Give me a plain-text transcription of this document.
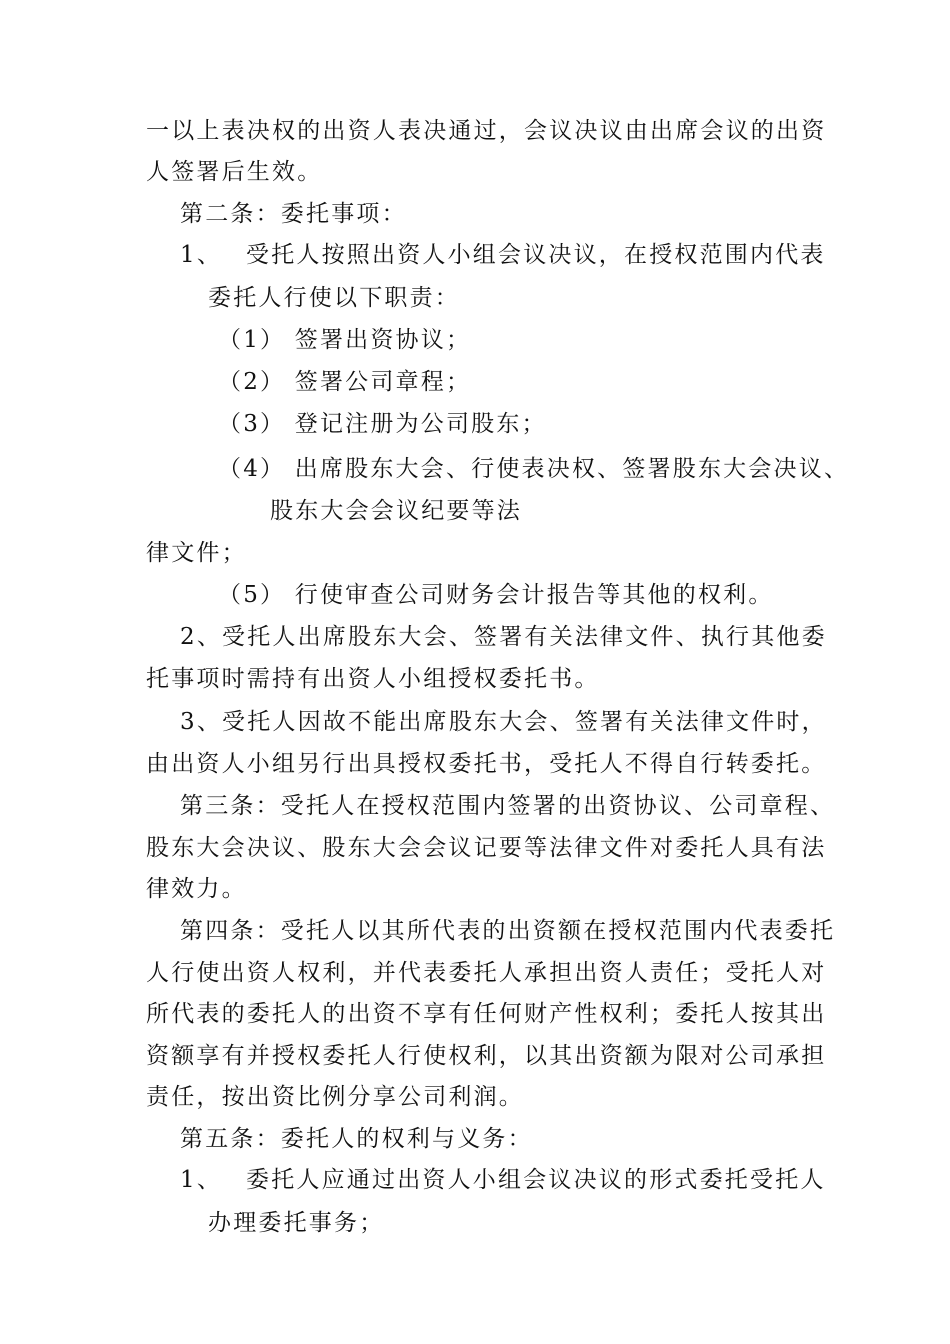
一以上表决权的出资人表决通过，会议决议由出席会议的出资
人签署后生效。
第二条：委托事项：
1、 受托人按照出资人小组会议决议，在授权范围内代表
委托人行使以下职责：
（1） 签署出资协议；
（2） 签署公司章程；
（3） 登记注册为公司股东；
（4） 出席股东大会、行使表决权、签署股东大会决议、
股东大会会议纪要等法
律文件；
（5） 行使审查公司财务会计报告等其他的权利。
2、受托人出席股东大会、签署有关法律文件、执行其他委
托事项时需持有出资人小组授权委托书。
3、受托人因故不能出席股东大会、签署有关法律文件时，
由出资人小组另行出具授权委托书，受托人不得自行转委托。
第三条：受托人在授权范围内签署的出资协议、公司章程、
股东大会决议、股东大会会议记要等法律文件对委托人具有法
律效力。
第四条：受托人以其所代表的出资额在授权范围内代表委托
人行使出资人权利，并代表委托人承担出资人责任；受托人对
所代表的委托人的出资不享有任何财产性权利；委托人按其出
资额享有并授权委托人行使权利，以其出资额为限对公司承担
责任，按出资比例分享公司利润。
第五条：委托人的权利与义务：
1、 委托人应通过出资人小组会议决议的形式委托受托人
办理委托事务；
